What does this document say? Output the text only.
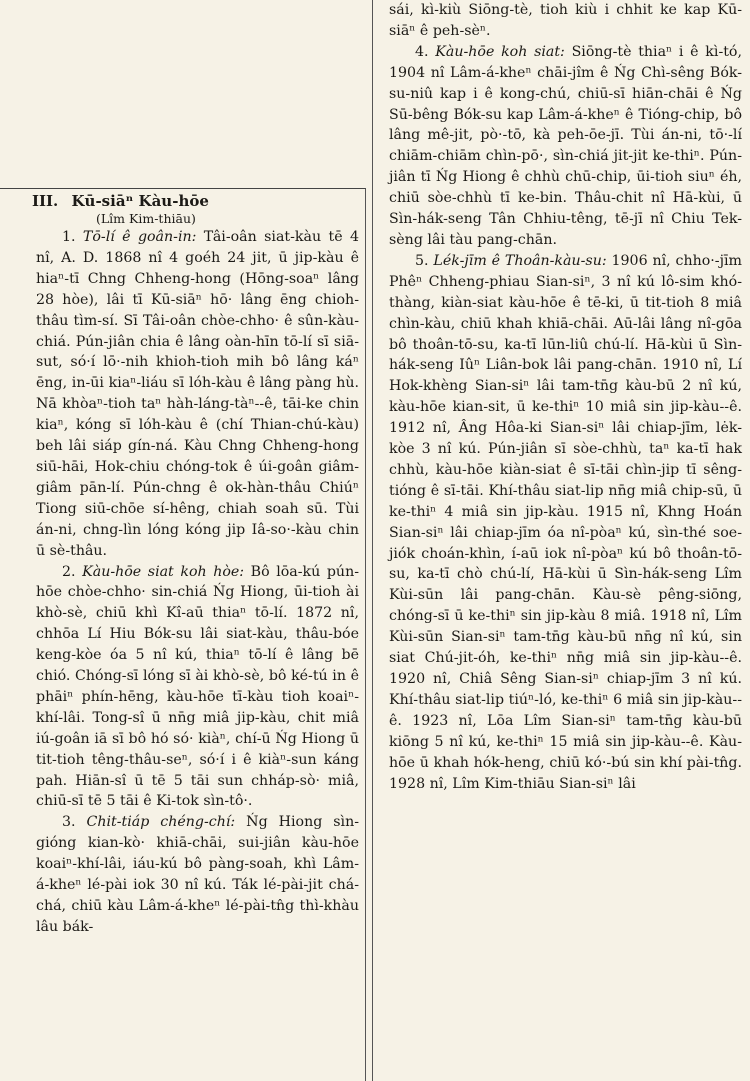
III. Kū-siāⁿ Kàu-hōe
(Lîm Kim-thiāu)

1. Tō-lí ê goân-in: Tâi-oân siat-kàu tē 4 nî, A. D. 1868 nî 4 goéh 24 jit, ū jip-kàu ê hiaⁿ-tī Chng Chheng-hong (Hōng-soaⁿ lâng 28 hòe), lâi tī Kū-siāⁿ hō· lâng ēng chioh-thâu tìm-sí. Sī Tâi-oân chòe-chho· ê sûn-kàu-chiá. Pún-jiân chia ê lâng oàn-hīn tō-lí sī siā-sut, só·í lō·-nih khioh-tioh mih bô lâng káⁿ ēng, in-ūi kiaⁿ-liáu sī lóh-kàu ê lâng pàng hù. Nā khòaⁿ-tioh taⁿ hàh-láng-tàⁿ--ê, tāi-ke chin kiaⁿ, kóng sī lóh-kàu ê (chí Thian-chú-kàu) beh lâi siáp gín-ná. Kàu Chng Chheng-hong siū-hāi, Hok-chiu chóng-tok ê úi-goân giâm-giâm pān-lí. Pún-chng ê ok-hàn-thâu Chiúⁿ Tiong siū-chōe sí-hêng, chiah soah sū. Tùi án-ni, chng-lìn lóng kóng jip Iâ-so·-kàu chin ū sè-thâu.

2. Kàu-hōe siat koh hòe: Bô lōa-kú pún-hōe chòe-chho· sin-chiá Ńg Hiong, ūi-tioh ài khò-sè, chiū khì Kî-aū thiaⁿ tō-lí. 1872 nî, chhōa Lí Hiu Bók-su lâi siat-kàu, thâu-bóe keng-kòe óa 5 nî kú, thiaⁿ tō-lí ê lâng bē chió. Chóng-sī lóng sī ài khò-sè, bô ké-tú in ê phāiⁿ phín-hēng, kàu-hōe tī-kàu tioh koaiⁿ-khí-lâi. Tong-sî ū nn̄g miâ jip-kàu, chit miâ iú-goân iā sī bô hó só· kiàⁿ, chí-ū Ńg Hiong ū tit-tioh têng-thâu-seⁿ, só·í i ê kiàⁿ-sun káng pah. Hiān-sî ū tē 5 tāi sun chháp-sò· miâ, chiū-sī tē 5 tāi ê Ki-tok sìn-tô·.

3. Chit-tiáp chéng-chí: Ńg Hiong sìn-gióng kian-kò· khiā-chāi, sui-jiân kàu-hōe koaiⁿ-khí-lâi, iáu-kú bô pàng-soah, khì Lâm-á-kheⁿ lé-pài iok 30 nî kú. Ták lé-pài-jit chá-chá, chiū kàu Lâm-á-kheⁿ lé-pài-tn̂g thì-khàu lâu bák-

sái, kì-kiù Siōng-tè, tioh kiù i chhit ke kap Kū-siāⁿ ê peh-sèⁿ.

4. Kàu-hōe koh siat: Siōng-tè thiaⁿ i ê kì-tó, 1904 nî Lâm-á-kheⁿ chāi-jîm ê Ńg Chì-sêng Bók-su-niû kap i ê kong-chú, chiū-sī hiān-chāi ê Ńg Sū-bêng Bók-su kap Lâm-á-kheⁿ ê Tióng-chip, bô lâng mê-jit, pò·-tō, kà peh-ōe-jī. Tùi án-ni, tō·-lí chiām-chiām chìn-pō·, sìn-chiá jit-jit ke-thiⁿ. Pún-jiân tī Ńg Hiong ê chhù chū-chip, ūi-tioh siuⁿ éh, chiū sòe-chhù tī ke-bin. Thâu-chit nî Hā-kùi, ū Sìn-hák-seng Tân Chhiu-têng, tē-jī nî Chiu Tek-sèng lâi tàu pang-chān.

5. Lék-jīm ê Thoân-kàu-su: 1906 nî, chho·-jīm Phêⁿ Chheng-phiau Sian-siⁿ, 3 nî kú lô-sim khó-thàng, kiàn-siat kàu-hōe ê tē-ki, ū tit-tioh 8 miâ chìn-kàu, chiū khah khiā-chāi. Aū-lâi lâng nî-gōa bô thoân-tō-su, ka-tī lūn-liû chú-lí. Hā-kùi ū Sìn-hák-seng Iûⁿ Liân-bok lâi pang-chān. 1910 nî, Lí Hok-khèng Sian-siⁿ lâi tam-tn̄g kàu-bū 2 nî kú, kàu-hōe kian-sit, ū ke-thiⁿ 10 miâ sin jip-kàu--ê. 1912 nî, Âng Hôa-ki Sian-siⁿ lâi chiap-jīm, lėk-kòe 3 nî kú. Pún-jiân sī sòe-chhù, taⁿ ka-tī hak chhù, kàu-hōe kiàn-siat ê sī-tāi chìn-jip tī sêng-tióng ê sī-tāi. Khí-thâu siat-lip nn̄g miâ chip-sū, ū ke-thiⁿ 4 miâ sin jip-kàu. 1915 nî, Khng Hoán Sian-siⁿ lâi chiap-jīm óa nî-pòaⁿ kú, sìn-thé soe-jiók choán-khìn, í-aū iok nî-pòaⁿ kú bô thoân-tō-su, ka-tī chò chú-lí, Hā-kùi ū Sìn-hák-seng Lîm Kùi-sūn lâi pang-chān. Kàu-sè pêng-siōng, chóng-sī ū ke-thiⁿ sin jip-kàu 8 miâ. 1918 nî, Lîm Kùi-sūn Sian-siⁿ tam-tn̄g kàu-bū nn̄g nî kú, sin siat Chú-jit-óh, ke-thiⁿ nn̄g miâ sin jip-kàu--ê. 1920 nî, Chiâ Sêng Sian-siⁿ chiap-jīm 3 nî kú. Khí-thâu siat-lip tiúⁿ-ló, ke-thiⁿ 6 miâ sin jip-kàu--ê. 1923 nî, Lōa Lîm Sian-siⁿ tam-tn̄g kàu-bū kiōng 5 nî kú, ke-thiⁿ 15 miâ sin jip-kàu--ê. Kàu-hōe ū khah hók-heng, chiū kó·-bú sin khí pài-tn̂g. 1928 nî, Lîm Kim-thiāu Sian-siⁿ lâi
